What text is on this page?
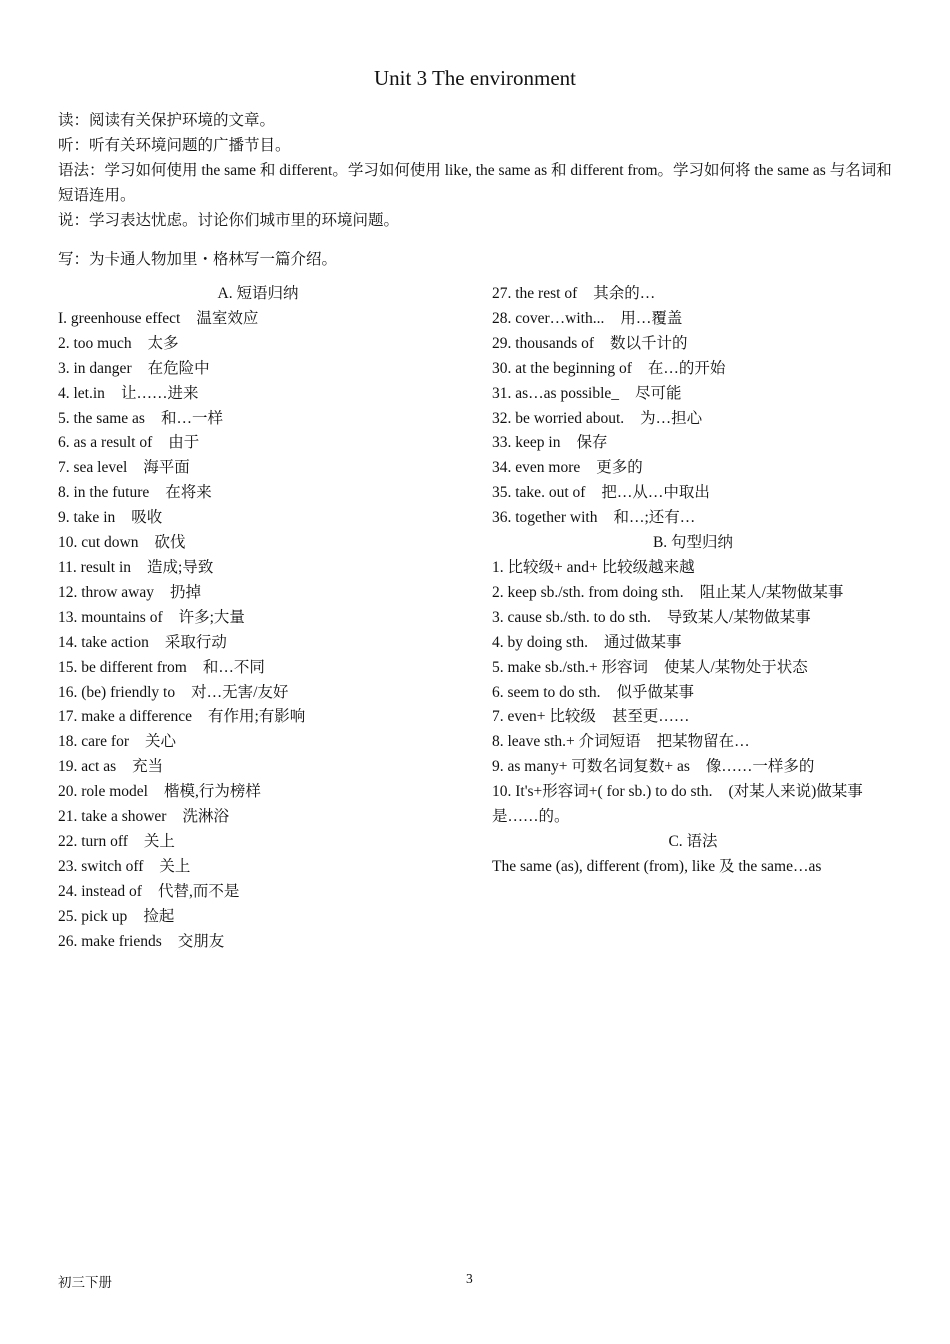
Unit 3 The environment

读：阅读有关保护环境的文章。

听：听有关环境问题的广播节目。

语法：学习如何使用 the same 和 different。学习如何使用 like, the same as 和 different from。学习如何将 the same as 与名词和短语连用。

说：学习表达忧虑。讨论你们城市里的环境问题。

写：为卡通人物加里・格林写一篇介绍。

A. 短语归纳
I. greenhouse effect 温室效应
2. too much 太多
3. in danger 在危险中
4. let.in 让……进来
5. the same as 和…一样
6. as a result of 由于
7. sea level 海平面
8. in the future 在将来
9. take in 吸收
10. cut down 砍伐
11. result in 造成;导致
12. throw away 扔掉
13. mountains of 许多;大量
14. take action 采取行动
15. be different from 和…不同
16. (be) friendly to 对…无害/友好
17. make a difference 有作用;有影响
18. care for 关心
19. act as 充当
20. role model 楷模,行为榜样
21. take a shower 洗淋浴
22. turn off 关上
23. switch off 关上
24. instead of 代替,而不是
25. pick up 捡起
26. make friends 交朋友
27. the rest of 其余的…
28. cover…with... 用…覆盖
29. thousands of 数以千计的
30. at the beginning of 在…的开始
31. as…as possible_ 尽可能
32. be worried about. 为…担心
33. keep in 保存
34. even more 更多的
35. take. out of 把…从…中取出
36. together with 和…;还有…
B. 句型归纳
1. 比较级+ and+ 比较级越来越
2. keep sb./sth. from doing sth. 阻止某人/某物做某事
3. cause sb./sth. to do sth. 导致某人/某物做某事
4. by doing sth. 通过做某事
5. make sb./sth.+ 形容词 使某人/某物处于状态
6. seem to do sth. 似乎做某事
7. even+ 比较级 甚至更……
8. leave sth.+ 介词短语 把某物留在…
9. as many+ 可数名词复数+ as 像……一样多的
10. It's+形容词+( for sb.) to do sth. (对某人来说)做某事是……的。
C. 语法
The same (as), different (from), like 及 the same…as
初三下册	3
